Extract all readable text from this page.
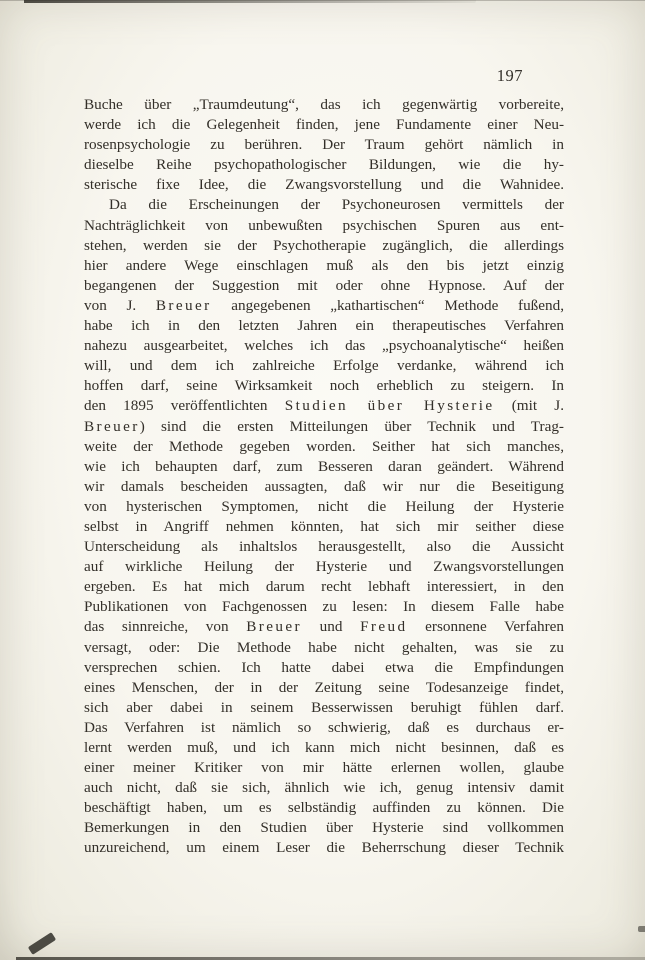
197
Buche über „Traumdeutung“, das ich gegenwärtig vorbereite,
werde ich die Gelegenheit finden, jene Fundamente einer Neu-
rosenpsychologie zu berühren. Der Traum gehört nämlich in
dieselbe Reihe psychopathologischer Bildungen, wie die hy-
sterische fixe Idee, die Zwangsvorstellung und die Wahnidee.
Da die Erscheinungen der Psychoneurosen vermittels der
Nachträglichkeit von unbewußten psychischen Spuren aus ent-
stehen, werden sie der Psychotherapie zugänglich, die allerdings
hier andere Wege einschlagen muß als den bis jetzt einzig
begangenen der Suggestion mit oder ohne Hypnose. Auf der
von J. Breuer angegebenen „kathartischen“ Methode fußend,
habe ich in den letzten Jahren ein therapeutisches Verfahren
nahezu ausgearbeitet, welches ich das „psychoanalytische“ heißen
will, und dem ich zahlreiche Erfolge verdanke, während ich
hoffen darf, seine Wirksamkeit noch erheblich zu steigern. In
den 1895 veröffentlichten Studien über Hysterie (mit J.
Breuer) sind die ersten Mitteilungen über Technik und Trag-
weite der Methode gegeben worden. Seither hat sich manches,
wie ich behaupten darf, zum Besseren daran geändert. Während
wir damals bescheiden aussagten, daß wir nur die Beseitigung
von hysterischen Symptomen, nicht die Heilung der Hysterie
selbst in Angriff nehmen könnten, hat sich mir seither diese
Unterscheidung als inhaltslos herausgestellt, also die Aussicht
auf wirkliche Heilung der Hysterie und Zwangsvorstellungen
ergeben. Es hat mich darum recht lebhaft interessiert, in den
Publikationen von Fachgenossen zu lesen: In diesem Falle habe
das sinnreiche, von Breuer und Freud ersonnene Verfahren
versagt, oder: Die Methode habe nicht gehalten, was sie zu
versprechen schien. Ich hatte dabei etwa die Empfindungen
eines Menschen, der in der Zeitung seine Todesanzeige findet,
sich aber dabei in seinem Besserwissen beruhigt fühlen darf.
Das Verfahren ist nämlich so schwierig, daß es durchaus er-
lernt werden muß, und ich kann mich nicht besinnen, daß es
einer meiner Kritiker von mir hätte erlernen wollen, glaube
auch nicht, daß sie sich, ähnlich wie ich, genug intensiv damit
beschäftigt haben, um es selbständig auffinden zu können. Die
Bemerkungen in den Studien über Hysterie sind vollkommen
unzureichend, um einem Leser die Beherrschung dieser Technik
